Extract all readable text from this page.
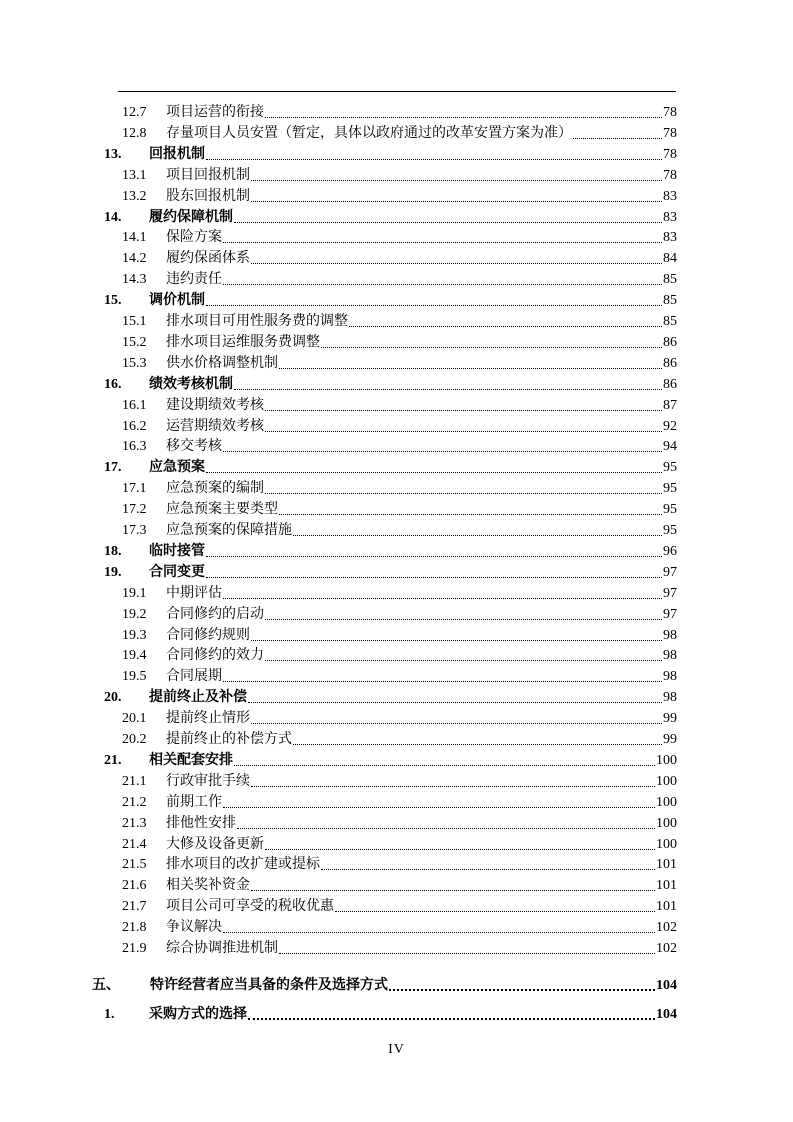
12.7	项目运营的衔接	78
12.8	存量项目人员安置（暂定，具体以政府通过的改革安置方案为准）	78
13.	回报机制	78
13.1	项目回报机制	78
13.2	股东回报机制	83
14.	履约保障机制	83
14.1	保险方案	83
14.2	履约保函体系	84
14.3	违约责任	85
15.	调价机制	85
15.1	排水项目可用性服务费的调整	85
15.2	排水项目运维服务费调整	86
15.3	供水价格调整机制	86
16.	绩效考核机制	86
16.1	建设期绩效考核	87
16.2	运营期绩效考核	92
16.3	移交考核	94
17.	应急预案	95
17.1	应急预案的编制	95
17.2	应急预案主要类型	95
17.3	应急预案的保障措施	95
18.	临时接管	96
19.	合同变更	97
19.1	中期评估	97
19.2	合同修约的启动	97
19.3	合同修约规则	98
19.4	合同修约的效力	98
19.5	合同展期	98
20.	提前终止及补偿	98
20.1	提前终止情形	99
20.2	提前终止的补偿方式	99
21.	相关配套安排	100
21.1	行政审批手续	100
21.2	前期工作	100
21.3	排他性安排	100
21.4	大修及设备更新	100
21.5	排水项目的改扩建或提标	101
21.6	相关奖补资金	101
21.7	项目公司可享受的税收优惠	101
21.8	争议解决	102
21.9	综合协调推进机制	102
五、	特许经营者应当具备的条件及选择方式	104
1.	采购方式的选择	104
IV
